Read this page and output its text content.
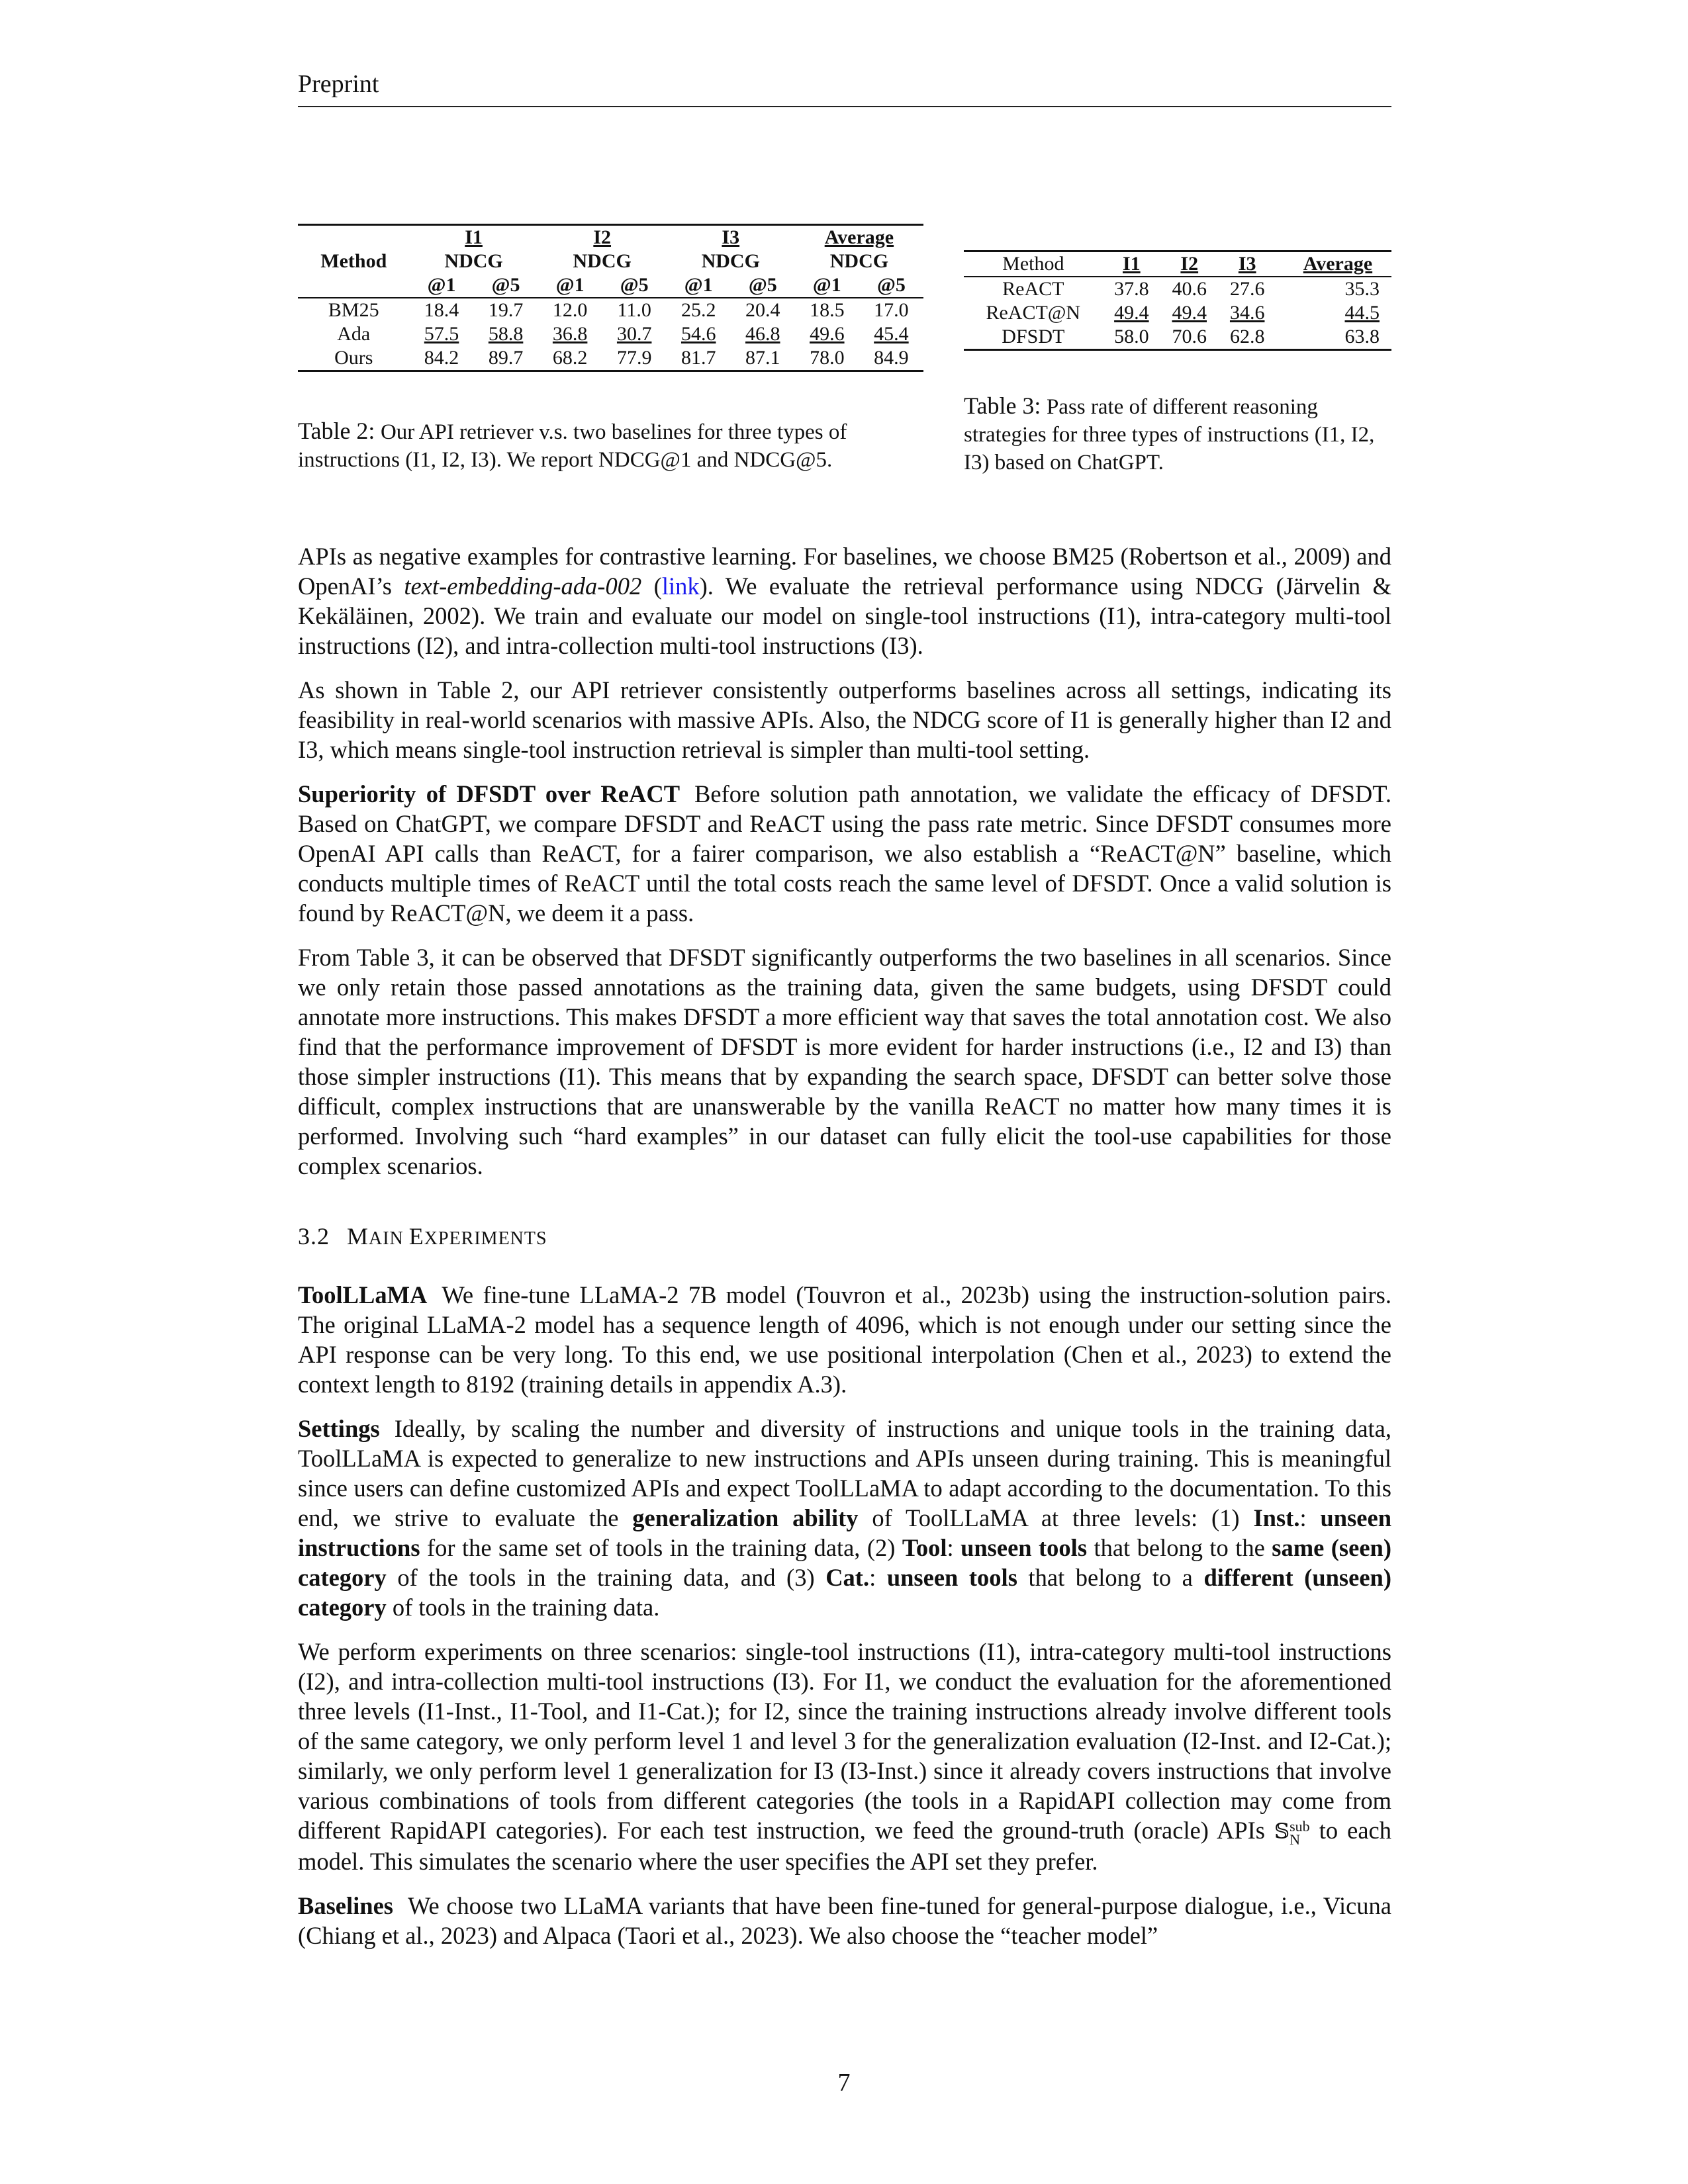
Preprint
Method	I1		I2		I3		Average	
	NDCG		NDCG		NDCG		NDCG	
	@1	@5	@1	@5	@1	@5	@1	@5
BM25	18.4	19.7	12.0	11.0	25.2	20.4	18.5	17.0
Ada	57.5	58.8	36.8	30.7	54.6	46.8	49.6	45.4
Ours	84.2	89.7	68.2	77.9	81.7	87.1	78.0	84.9
Table 2: Our API retriever v.s. two baselines for three types of instructions (I1, I2, I3). We report NDCG@1 and NDCG@5.
Method	I1	I2	I3	Average
ReACT	37.8	40.6	27.6	35.3
ReACT@N	49.4	49.4	34.6	44.5
DFSDT	58.0	70.6	62.8	63.8
Table 3: Pass rate of different reasoning strategies for three types of instructions (I1, I2, I3) based on ChatGPT.

APIs as negative examples for contrastive learning. For baselines, we choose BM25 (Robertson et al., 2009) and OpenAI’s text-embedding-ada-002 (link). We evaluate the retrieval performance using NDCG (Järvelin & Kekäläinen, 2002). We train and evaluate our model on single-tool instructions (I1), intra-category multi-tool instructions (I2), and intra-collection multi-tool instructions (I3).

As shown in Table 2, our API retriever consistently outperforms baselines across all settings, indicating its feasibility in real-world scenarios with massive APIs. Also, the NDCG score of I1 is generally higher than I2 and I3, which means single-tool instruction retrieval is simpler than multi-tool setting.

Superiority of DFSDT over ReACT Before solution path annotation, we validate the efficacy of DFSDT. Based on ChatGPT, we compare DFSDT and ReACT using the pass rate metric. Since DFSDT consumes more OpenAI API calls than ReACT, for a fairer comparison, we also establish a “ReACT@N” baseline, which conducts multiple times of ReACT until the total costs reach the same level of DFSDT. Once a valid solution is found by ReACT@N, we deem it a pass.

From Table 3, it can be observed that DFSDT significantly outperforms the two baselines in all scenarios. Since we only retain those passed annotations as the training data, given the same budgets, using DFSDT could annotate more instructions. This makes DFSDT a more efficient way that saves the total annotation cost. We also find that the performance improvement of DFSDT is more evident for harder instructions (i.e., I2 and I3) than those simpler instructions (I1). This means that by expanding the search space, DFSDT can better solve those difficult, complex instructions that are unanswerable by the vanilla ReACT no matter how many times it is performed. Involving such “hard examples” in our dataset can fully elicit the tool-use capabilities for those complex scenarios.

3.2 MAIN EXPERIMENTS

ToolLLaMA We fine-tune LLaMA-2 7B model (Touvron et al., 2023b) using the instruction-solution pairs. The original LLaMA-2 model has a sequence length of 4096, which is not enough under our setting since the API response can be very long. To this end, we use positional interpolation (Chen et al., 2023) to extend the context length to 8192 (training details in appendix A.3).

Settings Ideally, by scaling the number and diversity of instructions and unique tools in the training data, ToolLLaMA is expected to generalize to new instructions and APIs unseen during training. This is meaningful since users can define customized APIs and expect ToolLLaMA to adapt according to the documentation. To this end, we strive to evaluate the generalization ability of ToolLLaMA at three levels: (1) Inst.: unseen instructions for the same set of tools in the training data, (2) Tool: unseen tools that belong to the same (seen) category of the tools in the training data, and (3) Cat.: unseen tools that belong to a different (unseen) category of tools in the training data.

We perform experiments on three scenarios: single-tool instructions (I1), intra-category multi-tool instructions (I2), and intra-collection multi-tool instructions (I3). For I1, we conduct the evaluation for the aforementioned three levels (I1-Inst., I1-Tool, and I1-Cat.); for I2, since the training instructions already involve different tools of the same category, we only perform level 1 and level 3 for the generalization evaluation (I2-Inst. and I2-Cat.); similarly, we only perform level 1 generalization for I3 (I3-Inst.) since it already covers instructions that involve various combinations of tools from different categories (the tools in a RapidAPI collection may come from different RapidAPI categories). For each test instruction, we feed the ground-truth (oracle) APIs 𝕊 sub
N to each model. This simulates the scenario where the user specifies the API set they prefer.

Baselines We choose two LLaMA variants that have been fine-tuned for general-purpose dialogue, i.e., Vicuna (Chiang et al., 2023) and Alpaca (Taori et al., 2023). We also choose the “teacher model”

7
